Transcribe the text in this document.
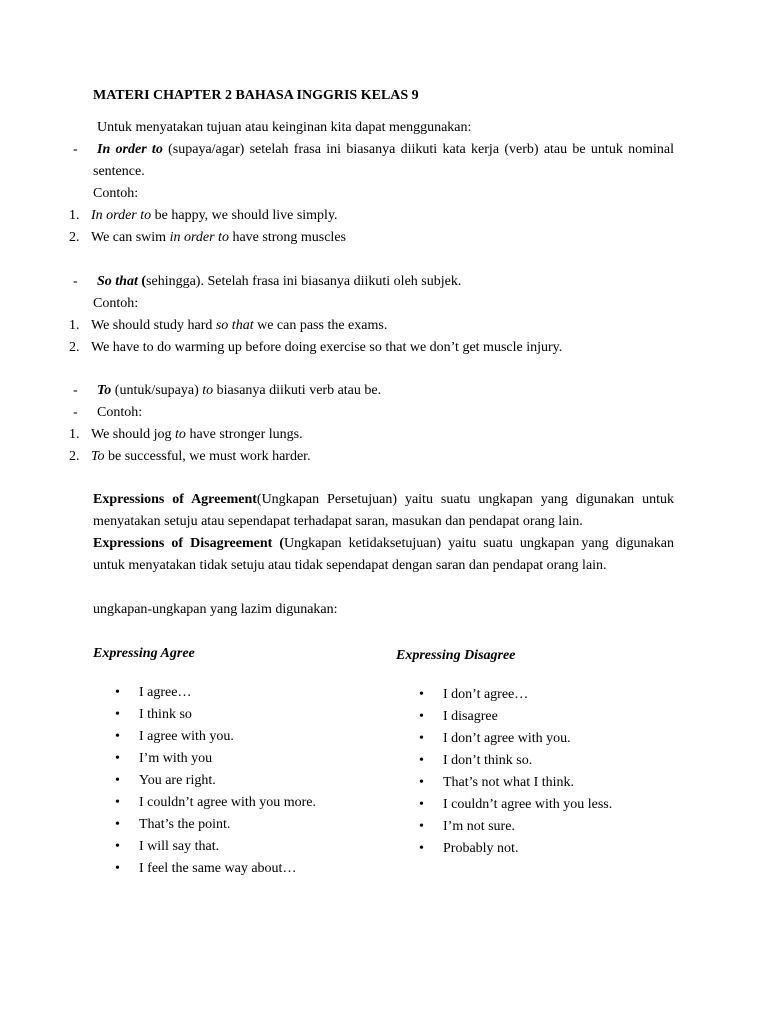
MATERI CHAPTER 2 BAHASA INGGRIS KELAS 9
Untuk menyatakan tujuan atau keinginan kita dapat menggunakan:
- In order to (supaya/agar) setelah frasa ini biasanya diikuti kata kerja (verb) atau be untuk nominal
sentence.
Contoh:
1. In order to be happy, we should live simply.
2. We can swim in order to have strong muscles
- So that (sehingga). Setelah frasa ini biasanya diikuti oleh subjek.
Contoh:
1. We should study hard so that we can pass the exams.
2. We have to do warming up before doing exercise so that we don’t get muscle injury.
- To (untuk/supaya) to biasanya diikuti verb atau be.
- Contoh:
1. We should jog to have stronger lungs.
2. To be successful, we must work harder.
Expressions of Agreement(Ungkapan Persetujuan) yaitu suatu ungkapan yang digunakan untuk
menyatakan setuju atau sependapat terhadapat saran, masukan dan pendapat orang lain.
Expressions of Disagreement (Ungkapan ketidaksetujuan) yaitu suatu ungkapan yang digunakan
untuk menyatakan tidak setuju atau tidak sependapat dengan saran dan pendapat orang lain.
ungkapan-ungkapan yang lazim digunakan:
Expressing Agree	Expressing Disagree
• I agree…
• I think so
• I agree with you.
• I’m with you
• You are right.
• I couldn’t agree with you more.
• That’s the point.
• I will say that.
• I feel the same way about…
• I don’t agree…
• I disagree
• I don’t agree with you.
• I don’t think so.
• That’s not what I think.
• I couldn’t agree with you less.
• I’m not sure.
• Probably not.
